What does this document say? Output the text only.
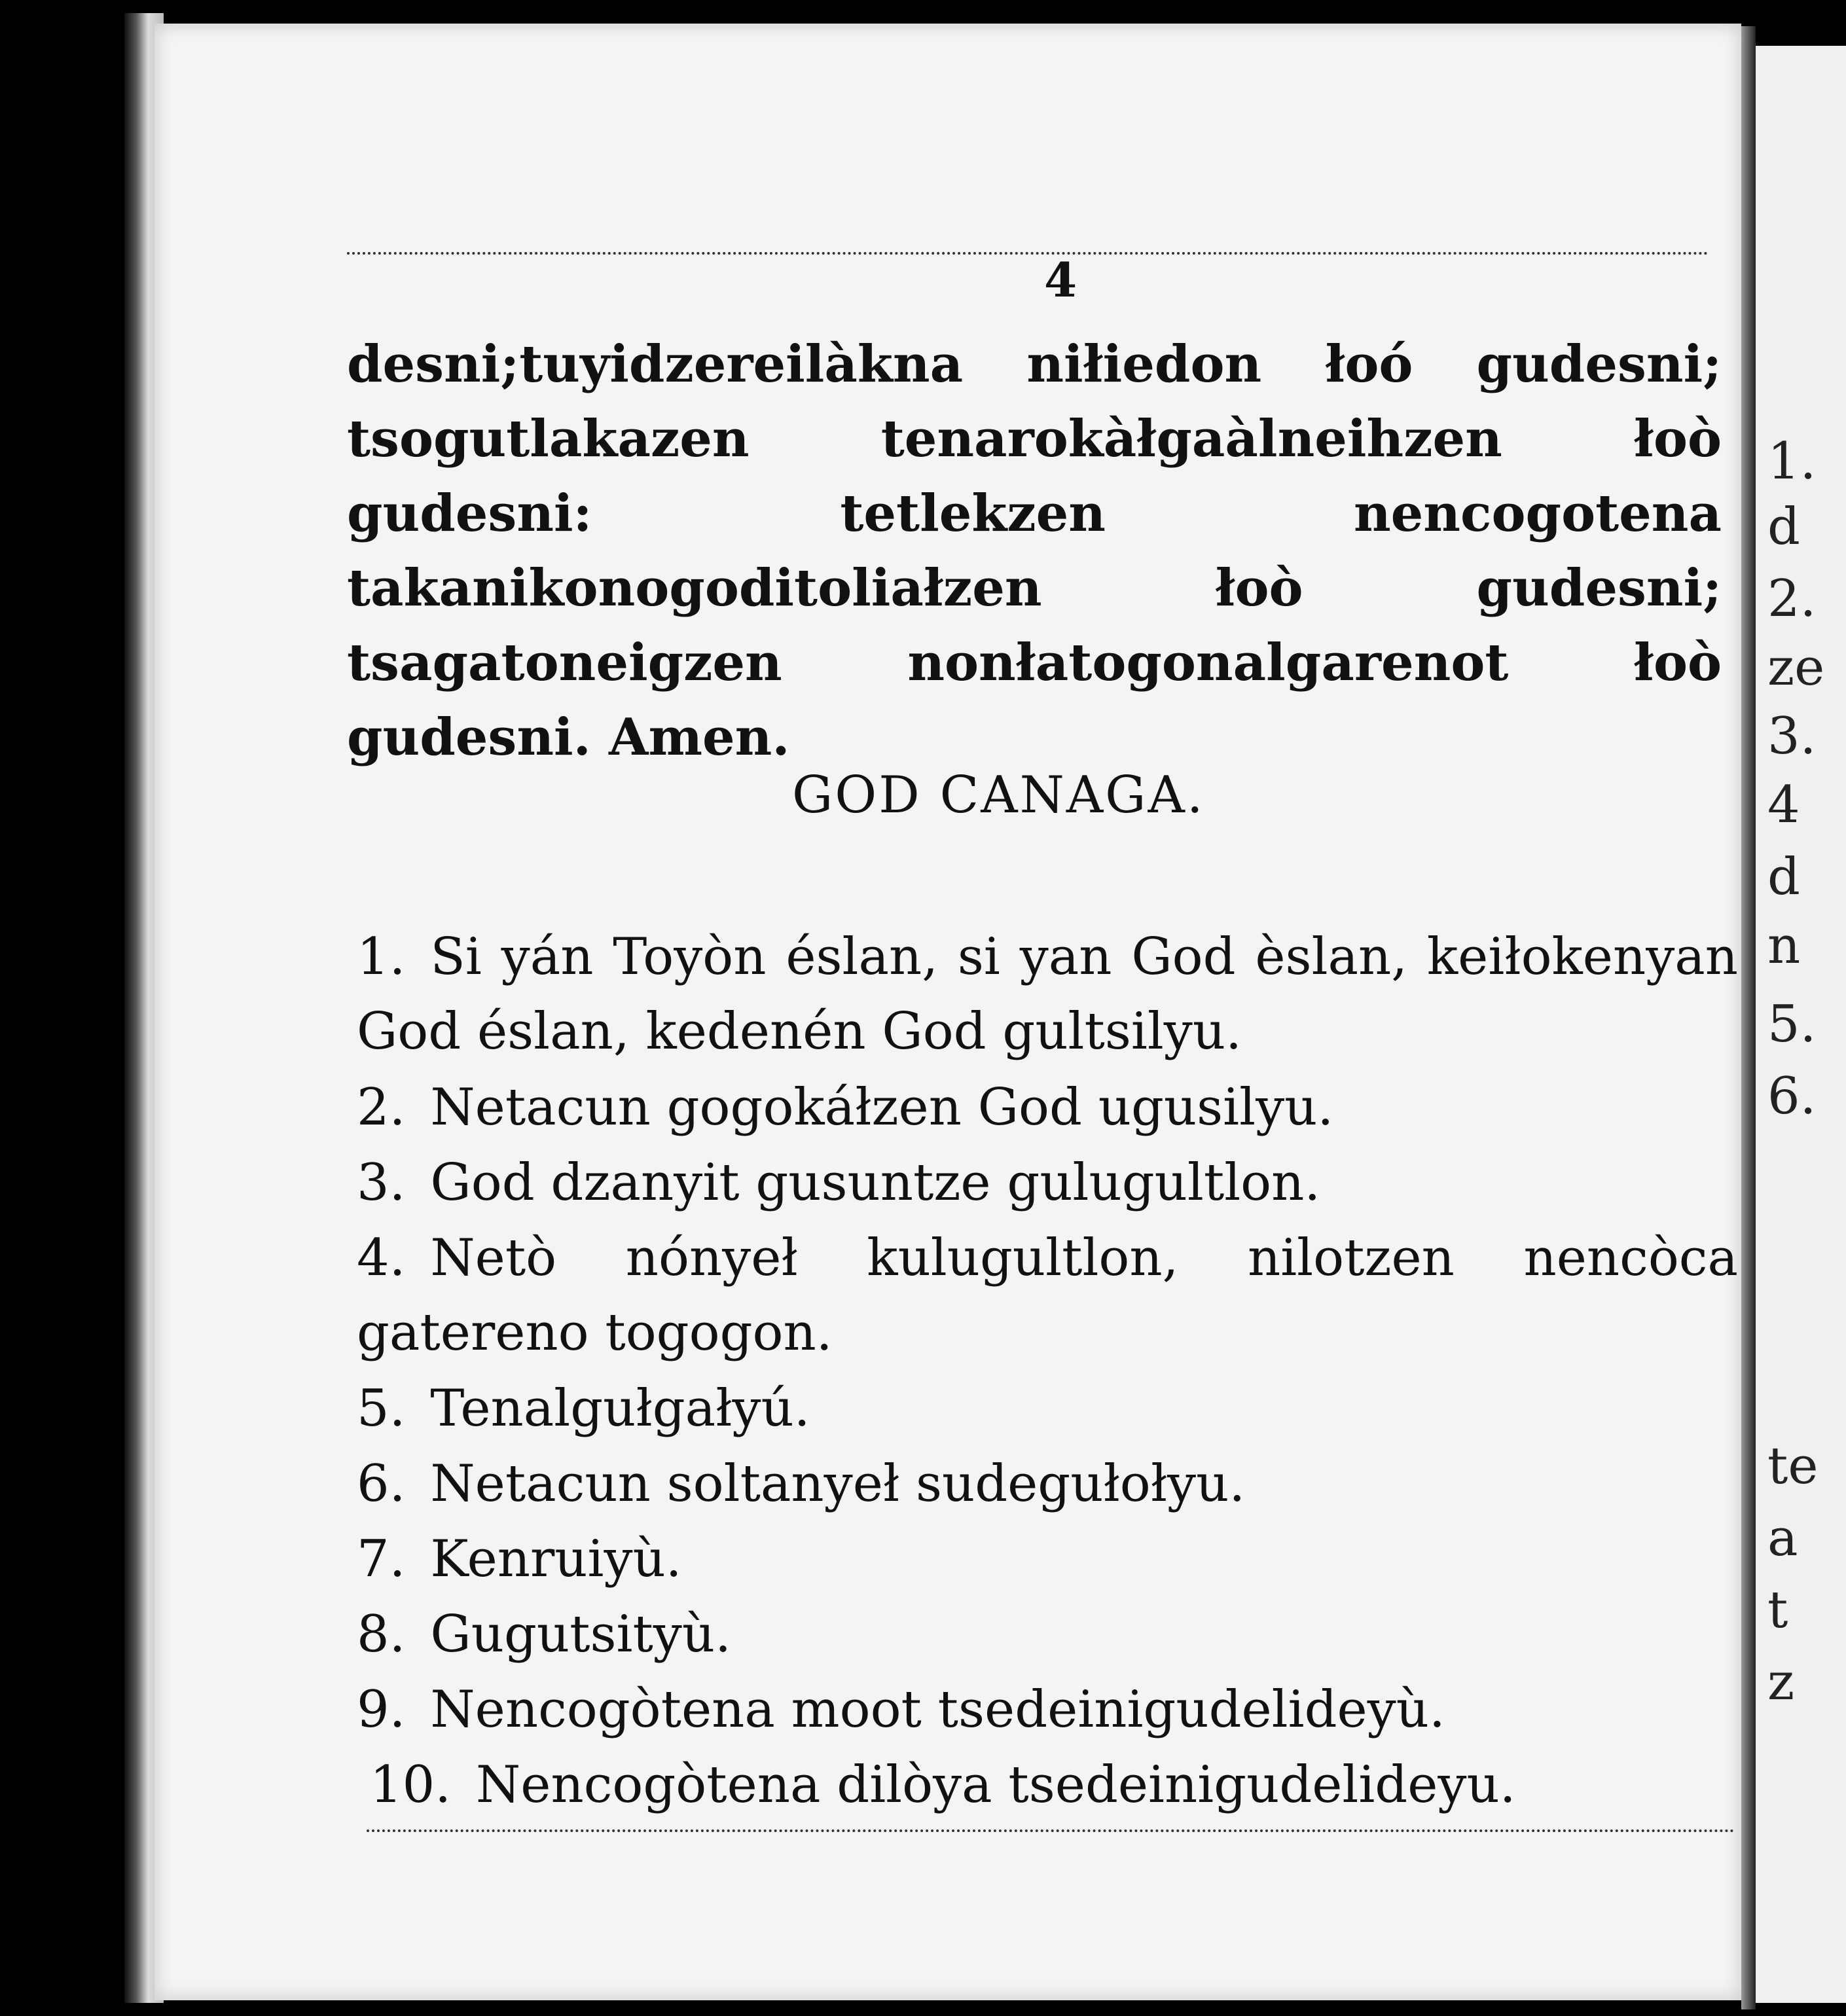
1.
d
2.
ze
3.
4
d
n
5.
6.
te
a
t
z
4
desni;tuyidzereilàkna niłiedon łoó gudesni; tsogutlakazen tenarokàłgaàlneihzen łoò gudesni: tetlekzen nencogotena takanikonogoditoliałzen łoò gudesni; tsagatoneigzen nonłatogonalgarenot łoò gudesni. Amen.
GOD CANAGA.
1. Si yán Toyòn éslan, si yan God èslan, keiłokenyan God éslan, kedenén God gultsilyu.
2. Netacun gogokáłzen God ugusilyu.
3. God dzanyit gusuntze gulugultlon.
4. Netò nónyeł kulugultlon, nilotzen nencòca gatereno togogon.
5. Tenalgułgałyú.
6. Netacun soltanyeł sudegułołyu.
7. Kenruiyù.
8. Gugutsityù.
9. Nencogòtena moot tsedeinigudelideyù.
10. Nencogòtena dilòya tsedeinigudelideyu.
